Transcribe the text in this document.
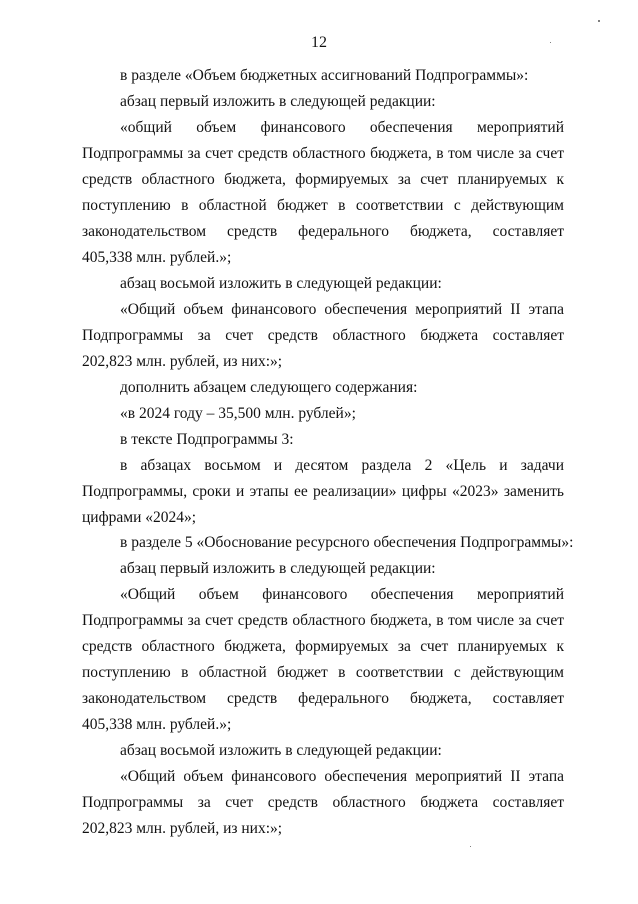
12
в разделе «Объем бюджетных ассигнований Подпрограммы»:
абзац первый изложить в следующей редакции:
«общий объем финансового обеспечения мероприятий
Подпрограммы за счет средств областного бюджета, в том числе за счет
средств областного бюджета, формируемых за счет планируемых к
поступлению в областной бюджет в соответствии с действующим
законодательством средств федерального бюджета, составляет
405,338 млн. рублей.»;
абзац восьмой изложить в следующей редакции:
«Общий объем финансового обеспечения мероприятий II этапа
Подпрограммы за счет средств областного бюджета составляет
202,823 млн. рублей, из них:»;
дополнить абзацем следующего содержания:
«в 2024 году – 35,500 млн. рублей»;
в тексте Подпрограммы 3:
в абзацах восьмом и десятом раздела 2 «Цель и задачи
Подпрограммы, сроки и этапы ее реализации» цифры «2023» заменить
цифрами «2024»;
в разделе 5 «Обоснование ресурсного обеспечения Подпрограммы»:
абзац первый изложить в следующей редакции:
«Общий объем финансового обеспечения мероприятий
Подпрограммы за счет средств областного бюджета, в том числе за счет
средств областного бюджета, формируемых за счет планируемых к
поступлению в областной бюджет в соответствии с действующим
законодательством средств федерального бюджета, составляет
405,338 млн. рублей.»;
абзац восьмой изложить в следующей редакции:
«Общий объем финансового обеспечения мероприятий II этапа
Подпрограммы за счет средств областного бюджета составляет
202,823 млн. рублей, из них:»;
